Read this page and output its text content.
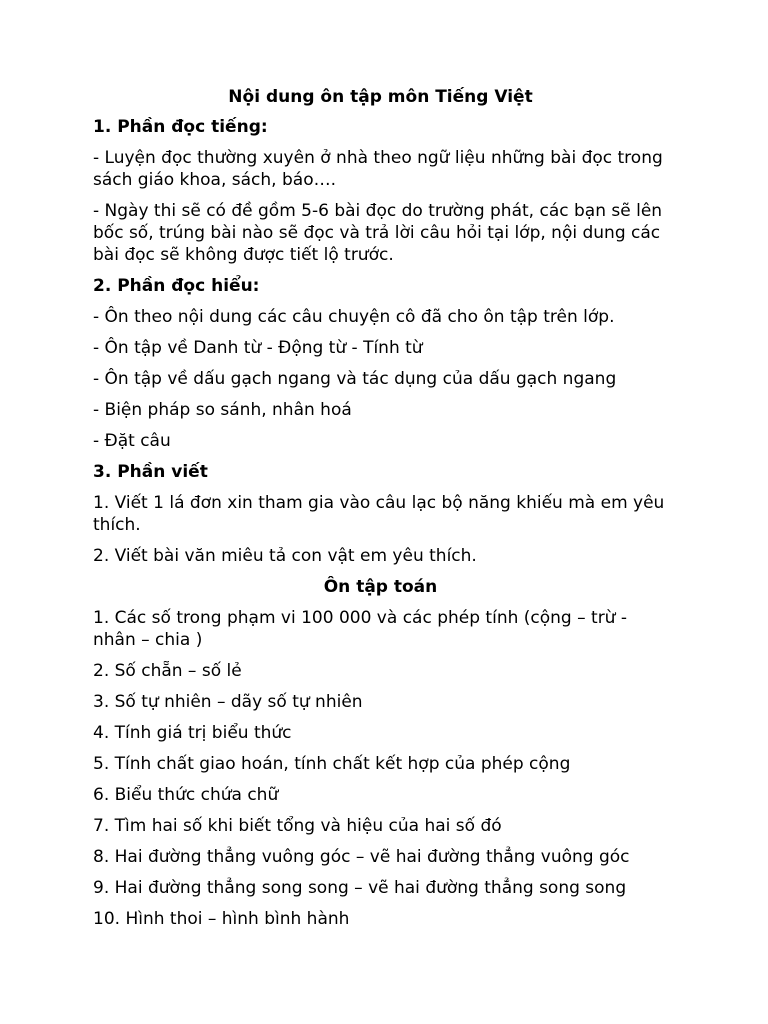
Nội dung ôn tập môn Tiếng Việt
1. Phần đọc tiếng:
- Luyện đọc thường xuyên ở nhà theo ngữ liệu những bài đọc trong sách giáo khoa, sách, báo….
- Ngày thi sẽ có đề gồm 5-6 bài đọc do trường phát, các bạn sẽ lên bốc số, trúng bài nào sẽ đọc và trả lời câu hỏi tại lớp, nội dung các bài đọc sẽ không được tiết lộ trước.
2. Phần đọc hiểu:
- Ôn theo nội dung các câu chuyện cô đã cho ôn tập trên lớp.
- Ôn tập về Danh từ - Động từ - Tính từ
- Ôn tập về dấu gạch ngang và tác dụng của dấu gạch ngang
- Biện pháp so sánh, nhân hoá
- Đặt câu
3. Phần viết
1. Viết 1 lá đơn xin tham gia vào câu lạc bộ năng khiếu mà em yêu thích.
2. Viết bài văn miêu tả con vật em yêu thích.
Ôn tập toán
1. Các số trong phạm vi 100 000 và các phép tính (cộng – trừ - nhân – chia )
2. Số chẵn – số lẻ
3. Số tự nhiên – dãy số tự nhiên
4. Tính giá trị biểu thức
5. Tính chất giao hoán, tính chất kết hợp của phép cộng
6. Biểu thức chứa chữ
7. Tìm hai số khi biết tổng và hiệu của hai số đó
8. Hai đường thẳng vuông góc – vẽ hai đường thẳng vuông góc
9. Hai đường thẳng song song – vẽ hai đường thẳng song song
10. Hình thoi – hình bình hành
